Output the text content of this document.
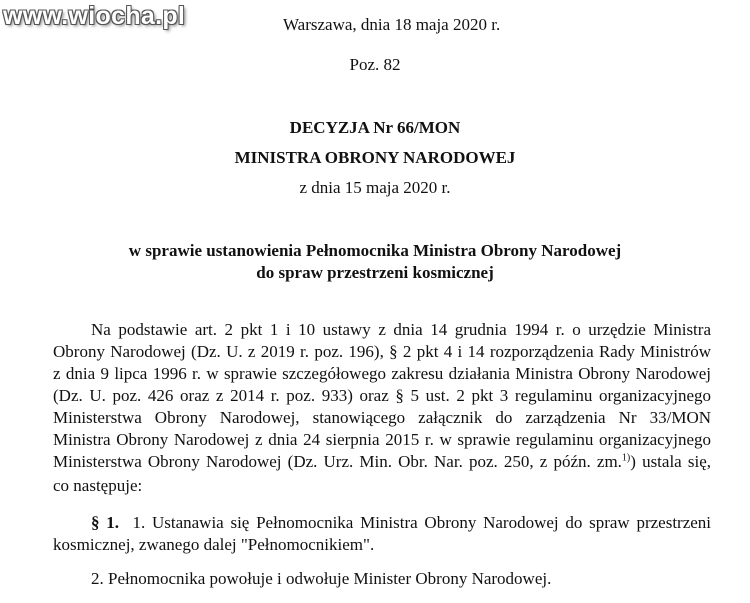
www.wiocha.pl	Warszawa, dnia 18 maja 2020 r.
Poz. 82
DECYZJA Nr 66/MON
MINISTRA OBRONY NARODOWEJ
z dnia 15 maja 2020 r.
w sprawie ustanowienia Pełnomocnika Ministra Obrony Narodowej
do spraw przestrzeni kosmicznej
Na podstawie art. 2 pkt 1 i 10 ustawy z dnia 14 grudnia 1994 r. o urzędzie Ministra
Obrony Narodowej (Dz. U. z 2019 r. poz. 196), § 2 pkt 4 i 14 rozporządzenia Rady Ministrów
z dnia 9 lipca 1996 r. w sprawie szczegółowego zakresu działania Ministra Obrony Narodowej
(Dz. U. poz. 426 oraz z 2014 r. poz. 933) oraz § 5 ust. 2 pkt 3 regulaminu organizacyjnego
Ministerstwa Obrony Narodowej, stanowiącego załącznik do zarządzenia Nr 33/MON
Ministra Obrony Narodowej z dnia 24 sierpnia 2015 r. w sprawie regulaminu organizacyjnego
Ministerstwa Obrony Narodowej (Dz. Urz. Min. Obr. Nar. poz. 250, z późn. zm.$^{1)}$) ustala się,
co następuje:
§ 1. 1. Ustanawia się Pełnomocnika Ministra Obrony Narodowej do spraw przestrzeni
kosmicznej, zwanego dalej "Pełnomocnikiem".
2. Pełnomocnika powołuje i odwołuje Minister Obrony Narodowej.
